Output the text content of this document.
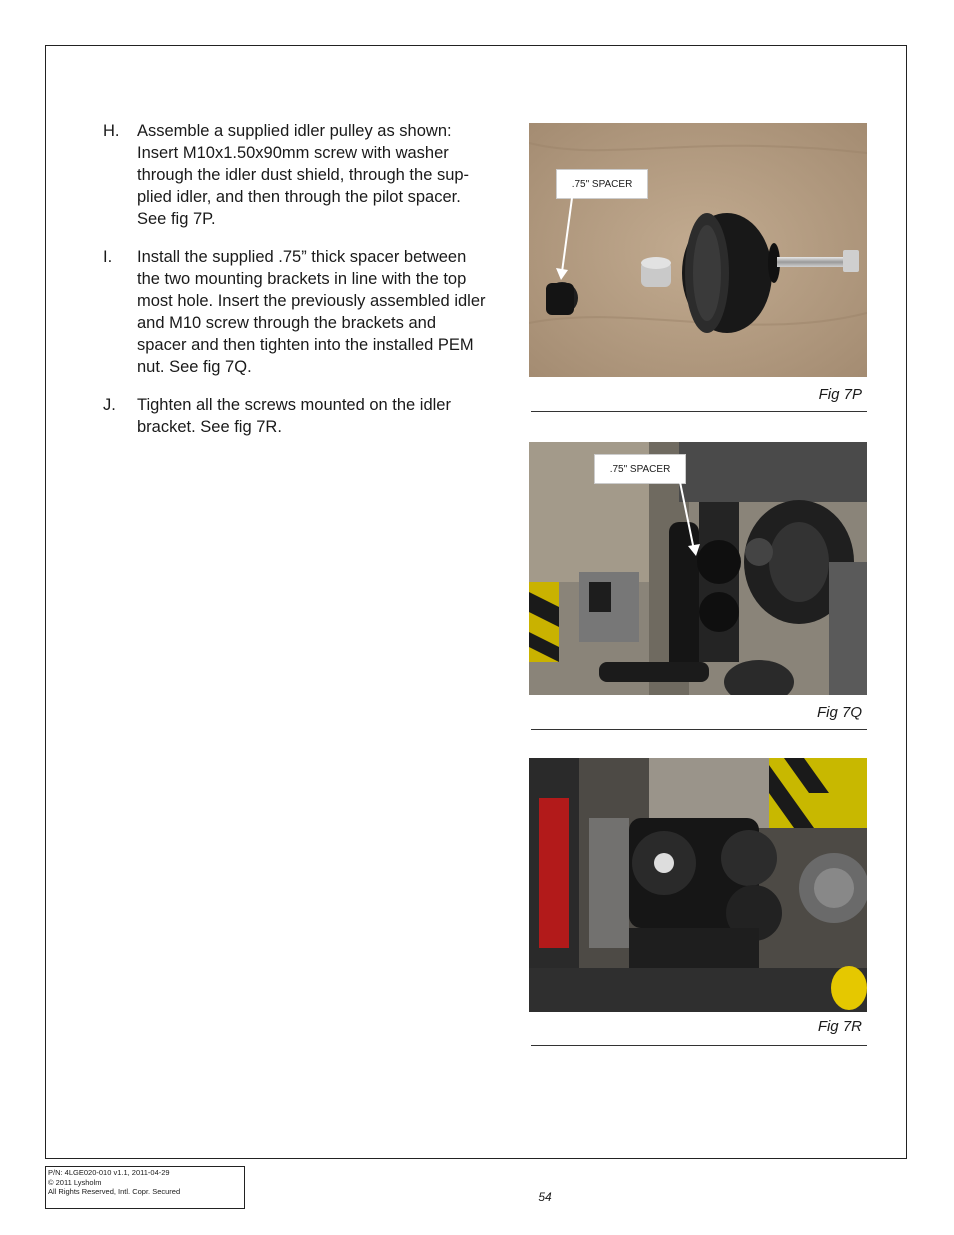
H. Assemble a supplied idler pulley as shown: Insert M10x1.50x90mm screw with washer through the idler dust shield, through the sup-plied idler, and then through the pilot spacer. See fig 7P.
I. Install the supplied .75” thick spacer between the two mounting brackets in line with the top most hole. Insert the previously assembled idler and M10 screw through the brackets and spacer and then tighten into the installed PEM nut. See fig 7Q.
J. Tighten all the screws mounted on the idler bracket. See fig 7R.
.75" SPACER
Fig 7P
.75" SPACER
Fig 7Q
Fig 7R
P/N: 4LGE020-010 v1.1, 2011-04-29
© 2011 Lysholm
All Rights Reserved, Intl. Copr. Secured	54
